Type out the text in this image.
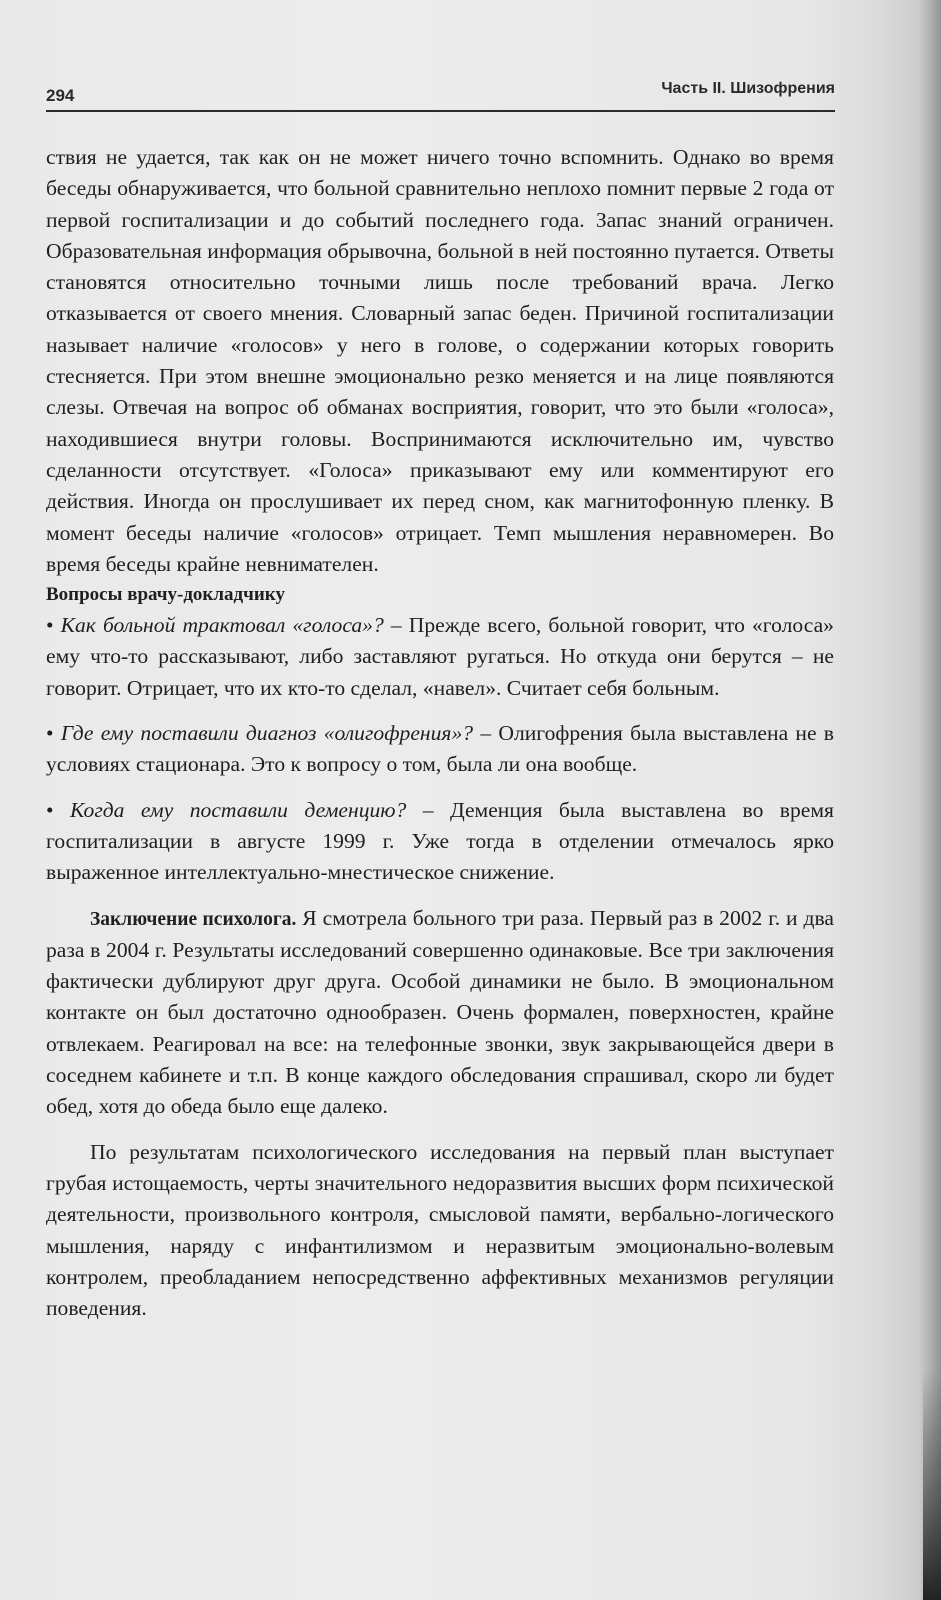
294	Часть II. Шизофрения

ствия не удается, так как он не может ничего точно вспомнить. Однако во время беседы обнаруживается, что больной сравнительно неплохо помнит первые 2 года от первой госпитализации и до событий последнего года. Запас знаний ограничен. Образовательная информация обрывочна, больной в ней постоянно путается. Ответы становятся относительно точными лишь после требований врача. Легко отказывается от своего мнения. Словарный запас беден. Причиной госпитализации называет наличие «голосов» у него в голове, о содержании которых говорить стесняется. При этом внешне эмоционально резко меняется и на лице появляются слезы. Отвечая на вопрос об обманах восприятия, говорит, что это были «голоса», находившиеся внутри головы. Воспринимаются исключительно им, чувство сделанности отсутствует. «Голоса» приказывают ему или комментируют его действия. Иногда он прослушивает их перед сном, как магнитофонную пленку. В момент беседы наличие «голосов» отрицает. Темп мышления неравномерен. Во время беседы крайне невнимателен.

Вопросы врачу-докладчику

• Как больной трактовал «голоса»? – Прежде всего, больной говорит, что «голоса» ему что-то рассказывают, либо заставляют ругаться. Но откуда они берутся – не говорит. Отрицает, что их кто-то сделал, «навел». Считает себя больным.

• Где ему поставили диагноз «олигофрения»? – Олигофрения была выставлена не в условиях стационара. Это к вопросу о том, была ли она вообще.

• Когда ему поставили деменцию? – Деменция была выставлена во время госпитализации в августе 1999 г. Уже тогда в отделении отмечалось ярко выраженное интеллектуально-мнестическое снижение.

Заключение психолога. Я смотрела больного три раза. Первый раз в 2002 г. и два раза в 2004 г. Результаты исследований совершенно одинаковые. Все три заключения фактически дублируют друг друга. Особой динамики не было. В эмоциональном контакте он был достаточно однообразен. Очень формален, поверхностен, крайне отвлекаем. Реагировал на все: на телефонные звонки, звук закрывающейся двери в соседнем кабинете и т.п. В конце каждого обследования спрашивал, скоро ли будет обед, хотя до обеда было еще далеко.

По результатам психологического исследования на первый план выступает грубая истощаемость, черты значительного недоразвития высших форм психической деятельности, произвольного контроля, смысловой памяти, вербально-логического мышления, наряду с инфантилизмом и неразвитым эмоционально-волевым контролем, преобладанием непосредственно аффективных механизмов регуляции поведения.
